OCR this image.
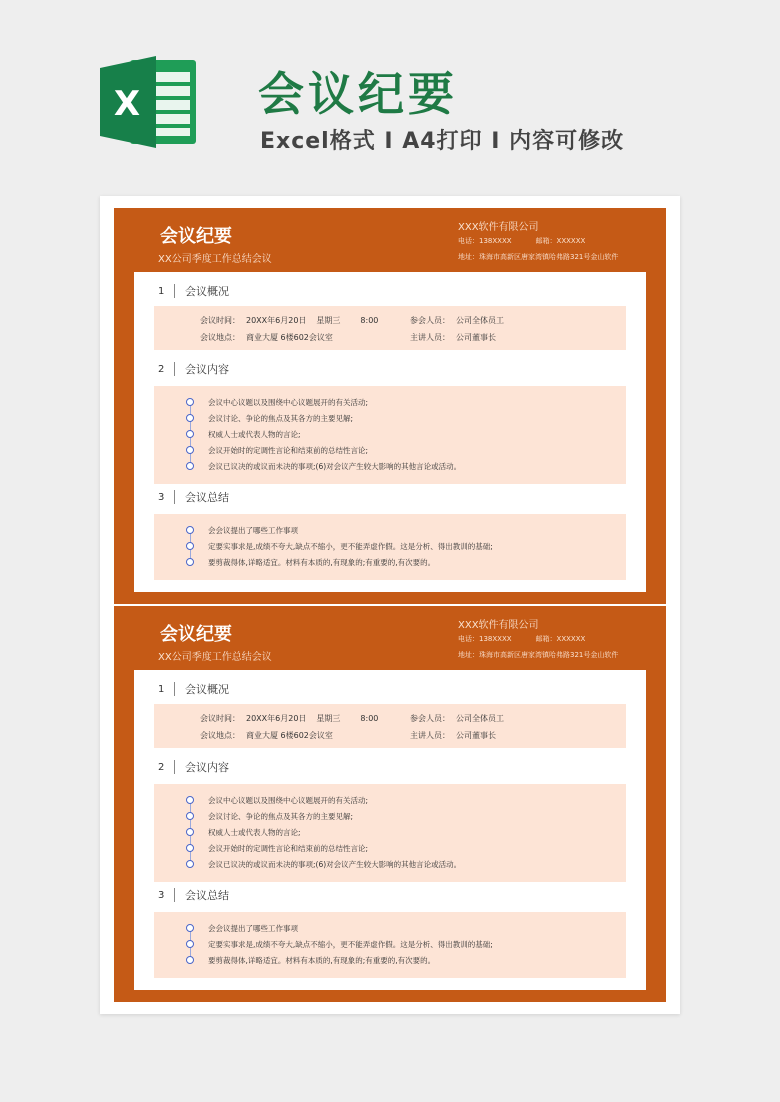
X	会议纪要
Excel格式 I A4打印 I 内容可修改
会议纪要
XX公司季度工作总结会议
XXX软件有限公司
电话：138XXXX	邮箱：XXXXXX
地址：珠海市高新区唐家湾镇哈弗路321号金山软件
1	会议概况
会议时间： 20XX年6月20日 星期三	8:00	参会人员： 公司全体员工
会议地点： 商业大厦 6楼602会议室	主讲人员： 公司董事长
2	会议内容
会议中心议题以及围绕中心议题展开的有关活动;
会议讨论、争论的焦点及其各方的主要见解;
权威人士或代表人物的言论;
会议开始时的定调性言论和结束前的总结性言论;
会议已议决的或议而未决的事项;(6)对会议产生较大影响的其他言论或活动。
3	会议总结
会会议提出了哪些工作事项
定要实事求是,成绩不夸大,缺点不缩小，更不能弄虚作假。这是分析、得出教训的基础;
要剪裁得体,详略适宜。材料有本质的,有现象的;有重要的,有次要的。
会议纪要
XX公司季度工作总结会议
XXX软件有限公司
电话：138XXXX	邮箱：XXXXXX
地址：珠海市高新区唐家湾镇哈弗路321号金山软件
1	会议概况
会议时间： 20XX年6月20日 星期三	8:00	参会人员： 公司全体员工
会议地点： 商业大厦 6楼602会议室	主讲人员： 公司董事长
2	会议内容
会议中心议题以及围绕中心议题展开的有关活动;
会议讨论、争论的焦点及其各方的主要见解;
权威人士或代表人物的言论;
会议开始时的定调性言论和结束前的总结性言论;
会议已议决的或议而未决的事项;(6)对会议产生较大影响的其他言论或活动。
3	会议总结
会会议提出了哪些工作事项
定要实事求是,成绩不夸大,缺点不缩小，更不能弄虚作假。这是分析、得出教训的基础;
要剪裁得体,详略适宜。材料有本质的,有现象的;有重要的,有次要的。
